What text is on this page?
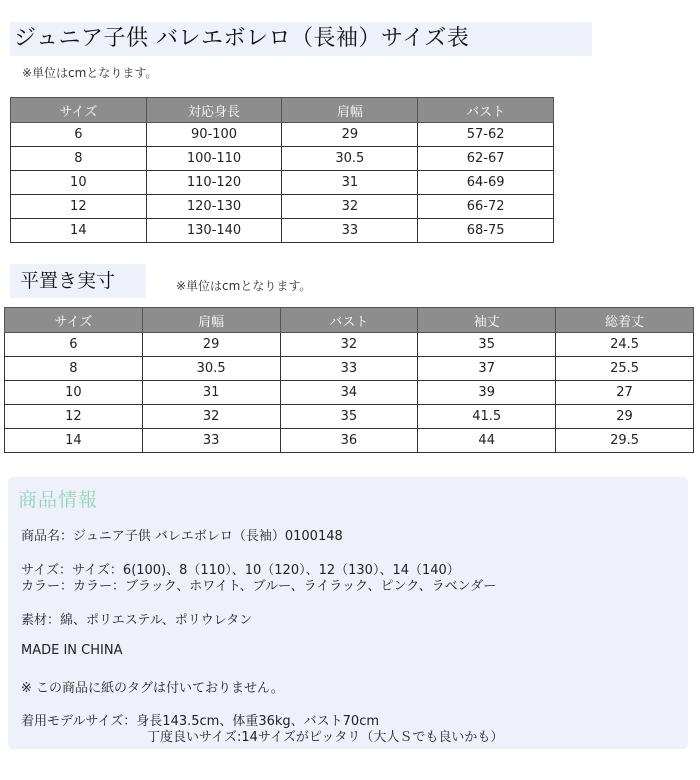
ジュニア子供 バレエボレロ（長袖）サイズ表
※単位はcmとなります。
サイズ	対応身長	肩幅	バスト
6	90-100	29	57-62
8	100-110	30.5	62-67
10	110-120	31	64-69
12	120-130	32	66-72
14	130-140	33	68-75
平置き実寸	※単位はcmとなります。
サイズ	肩幅	バスト	袖丈	総着丈
6	29	32	35	24.5
8	30.5	33	37	25.5
10	31	34	39	27
12	32	35	41.5	29
14	33	36	44	29.5
商品情報
商品名：ジュニア子供 バレエボレロ（長袖）0100148
サイズ：サイズ：6(100)、8（110）、10（120）、12（130）、14（140）
カラー：カラー：ブラック、ホワイト、ブルー、ライラック、ピンク、ラベンダー
素材：綿、ポリエステル、ポリウレタン
MADE IN CHINA
※ この商品に紙のタグは付いておりません。
着用モデルサイズ：身長143.5cm、体重36kg、バスト70cm
丁度良いサイズ:14サイズがピッタリ（大人Ｓでも良いかも）
